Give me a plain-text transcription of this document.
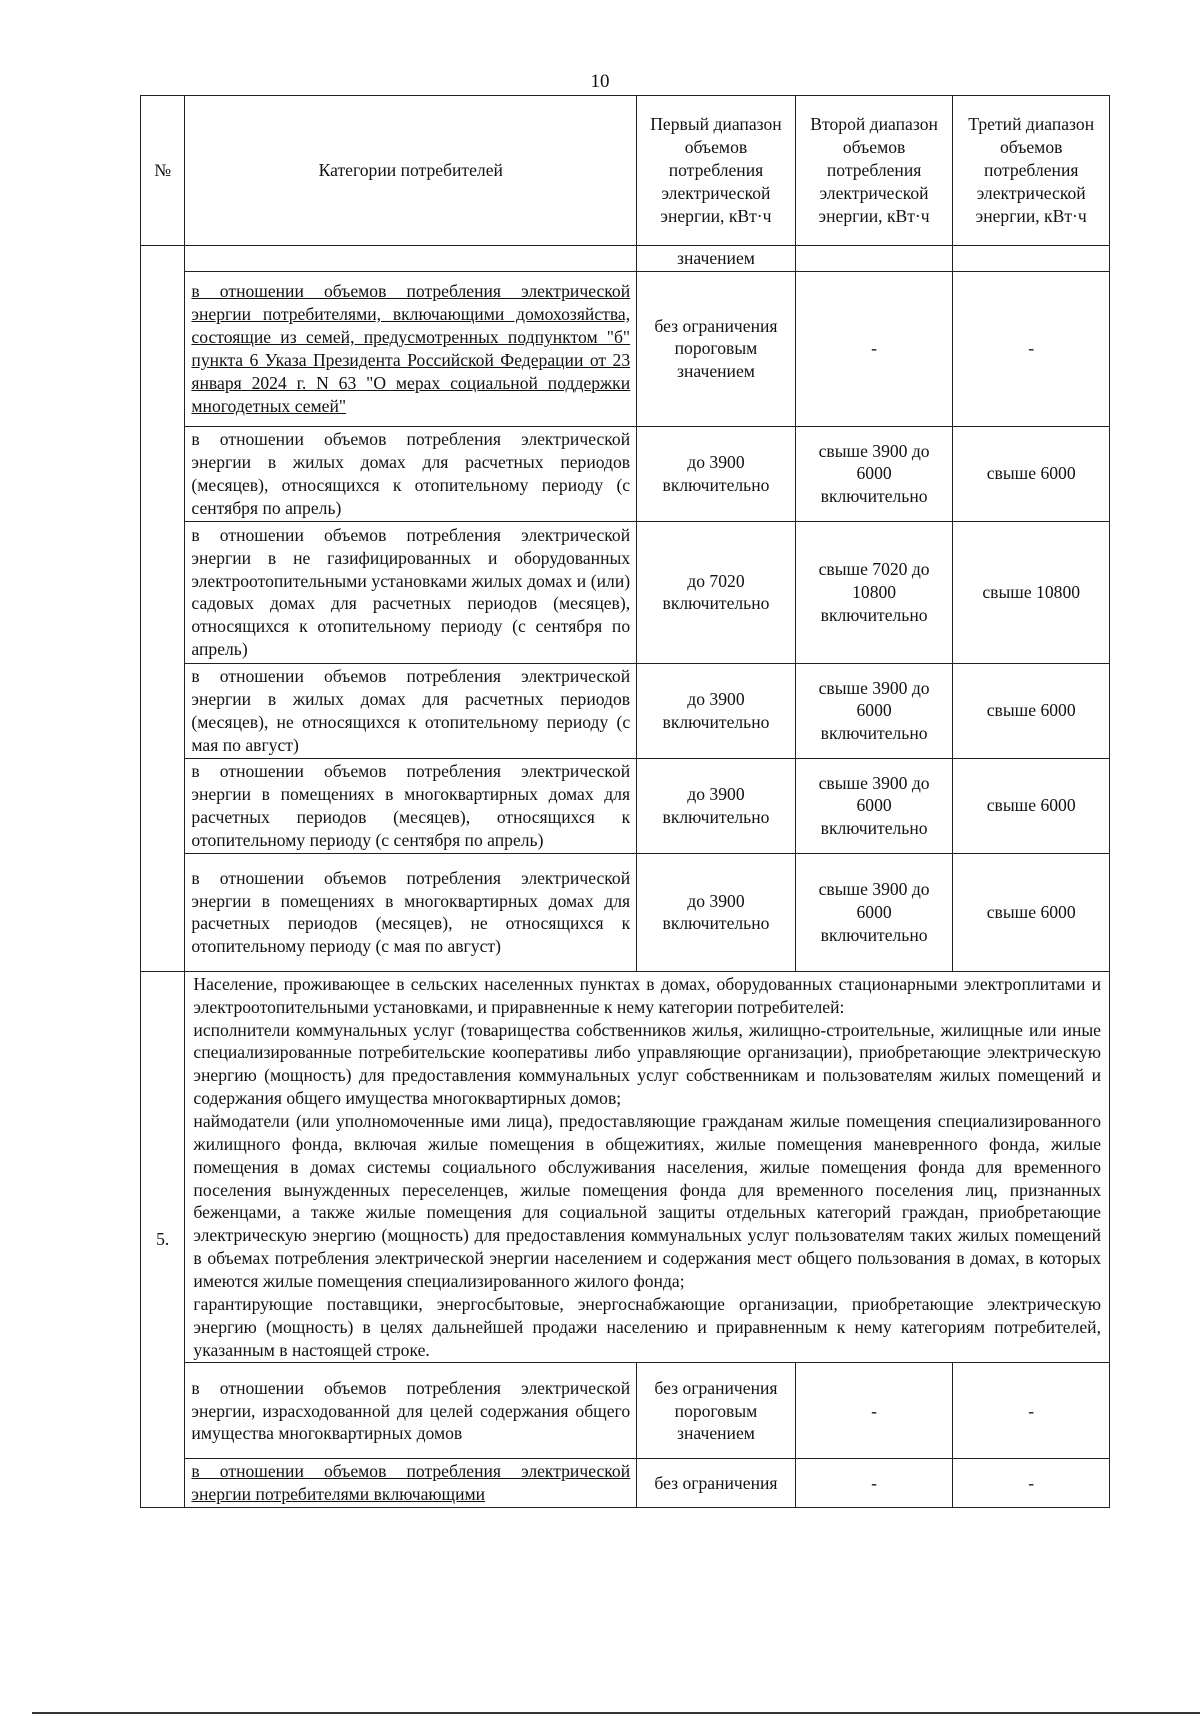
10
№	Категории потребителей	Первый диапазон объемов потребления электрической энергии, кВт·ч	Второй диапазон объемов потребления электрической энергии, кВт·ч	Третий диапазон объемов потребления электрической энергии, кВт·ч
		значением		
	в отношении объемов потребления электрической энергии потребителями, включающими домохозяйства, состоящие из семей, предусмотренных подпунктом "б" пункта 6 Указа Президента Российской Федерации от 23 января 2024 г. N 63 "О мерах социальной поддержки многодетных семей"	без ограничения пороговым значением	-	-
	в отношении объемов потребления электрической энергии в жилых домах для расчетных периодов (месяцев), относящихся к отопительному периоду (с сентября по апрель)	до 3900 включительно	свыше 3900 до 6000 включительно	свыше 6000
	в отношении объемов потребления электрической энергии в не газифицированных и оборудованных электроотопительными установками жилых домах и (или) садовых домах для расчетных периодов (месяцев), относящихся к отопительному периоду (с сентября по апрель)	до 7020 включительно	свыше 7020 до 10800 включительно	свыше 10800
	в отношении объемов потребления электрической энергии в жилых домах для расчетных периодов (месяцев), не относящихся к отопительному периоду (с мая по август)	до 3900 включительно	свыше 3900 до 6000 включительно	свыше 6000
	в отношении объемов потребления электрической энергии в помещениях в многоквартирных домах для расчетных периодов (месяцев), относящихся к отопительному периоду (с сентября по апрель)	до 3900 включительно	свыше 3900 до 6000 включительно	свыше 6000
	в отношении объемов потребления электрической энергии в помещениях в многоквартирных домах для расчетных периодов (месяцев), не относящихся к отопительному периоду (с мая по август)	до 3900 включительно	свыше 3900 до 6000 включительно	свыше 6000
5.	Население, проживающее в сельских населенных пунктах в домах, оборудованных стационарными электроплитами и электроотопительными установками, и приравненные к нему категории потребителей:

исполнители коммунальных услуг (товарищества собственников жилья, жилищно-строительные, жилищные или иные специализированные потребительские кооперативы либо управляющие организации), приобретающие электрическую энергию (мощность) для предоставления коммунальных услуг собственникам и пользователям жилых помещений и содержания общего имущества многоквартирных домов;

наймодатели (или уполномоченные ими лица), предоставляющие гражданам жилые помещения специализированного жилищного фонда, включая жилые помещения в общежитиях, жилые помещения маневренного фонда, жилые помещения в домах системы социального обслуживания населения, жилые помещения фонда для временного поселения вынужденных переселенцев, жилые помещения фонда для временного поселения лиц, признанных беженцами, а также жилые помещения для социальной защиты отдельных категорий граждан, приобретающие электрическую энергию (мощность) для предоставления коммунальных услуг пользователям таких жилых помещений в объемах потребления электрической энергии населением и содержания мест общего пользования в домах, в которых имеются жилые помещения специализированного жилого фонда;

гарантирующие поставщики, энергосбытовые, энергоснабжающие организации, приобретающие электрическую энергию (мощность) в целях дальнейшей продажи населению и приравненным к нему категориям потребителей, указанным в настоящей строке.			

	в отношении объемов потребления электрической энергии, израсходованной для целей содержания общего имущества многоквартирных домов	без ограничения пороговым значением	-	-
	в отношении объемов потребления электрической энергии потребителями включающими	без ограничения	-	-
